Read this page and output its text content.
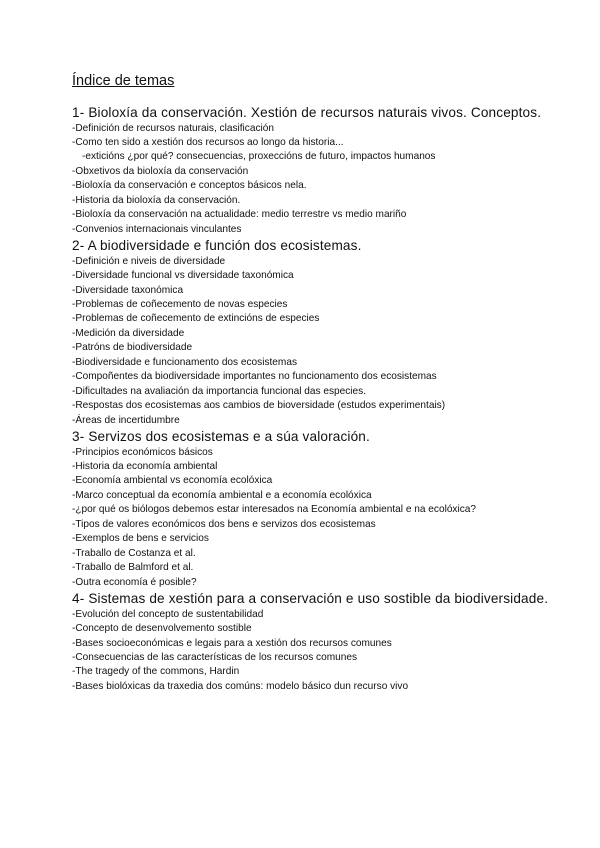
Índice de temas
1- Bioloxía da conservación. Xestión de recursos naturais vivos. Conceptos.

-Definición de recursos naturais, clasificación

-Como ten sido a xestión dos recursos ao longo da historia...

-exticións ¿por qué? consecuencias, proxeccións de futuro, impactos humanos

-Obxetivos da bioloxía da conservación

-Bioloxía da conservación e conceptos básicos nela.

-Historia da bioloxía da conservación.

-Bioloxía da conservación na actualidade: medio terrestre vs medio mariño

-Convenios internacionais vinculantes

2- A biodiversidade e función dos ecosistemas.

-Definición e niveis de diversidade

-Diversidade funcional vs diversidade taxonómica

-Diversidade taxonómica

-Problemas de coñecemento de novas especies

-Problemas de coñecemento de extincións de especies

-Medición da diversidade

-Patróns de biodiversidade

-Biodiversidade e funcionamento dos ecosistemas

-Compoñentes da biodiversidade importantes no funcionamento dos ecosistemas

-Dificultades na avaliación da importancia funcional das especies.

-Respostas dos ecosistemas aos cambios de bioversidade (estudos experimentais)

-Áreas de incertidumbre

3- Servizos dos ecosistemas e a súa valoración.

-Principios económicos básicos

-Historia da economía ambiental

-Economía ambiental vs economía ecolóxica

-Marco conceptual da economía ambiental e a economía ecolóxica

-¿por qué os biólogos debemos estar interesados na Economía ambiental e na ecolóxica?

-Tipos de valores económicos dos bens e servizos dos ecosistemas

-Exemplos de bens e servicios

-Traballo de Costanza et al.

-Traballo de Balmford et al.

-Outra economía é posible?

4- Sistemas de xestión para a conservación e uso sostible da biodiversidade.

-Evolución del concepto de sustentabilidad

-Concepto de desenvolvemento sostible

-Bases socioeconómicas e legais para a xestión dos recursos comunes

-Consecuencias de las características de los recursos comunes

-The tragedy of the commons, Hardin

-Bases biolóxicas da traxedia dos comúns: modelo básico dun recurso vivo
